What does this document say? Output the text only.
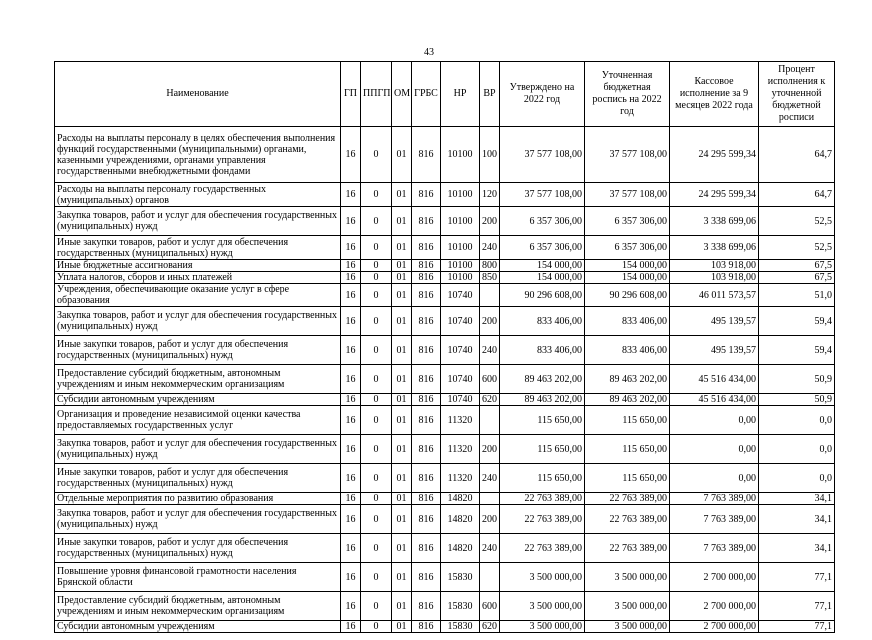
43
Наименование	ГП	ППГП	ОМ	ГРБС	НР	ВР	Утверждено на 2022 год	Уточненная бюджетная роспись на 2022 год	Кассовое исполнение за 9 месяцев 2022 года	Процент исполнения к уточненной бюджетной росписи
Расходы на выплаты персоналу в целях обеспечения выполнения функций государственными (муниципальными) органами, казенными учреждениями, органами управления государственными внебюджетными фондами	16	0	01	816	10100	100	37 577 108,00	37 577 108,00	24 295 599,34	64,7
Расходы на выплаты персоналу государственных (муниципальных) органов	16	0	01	816	10100	120	37 577 108,00	37 577 108,00	24 295 599,34	64,7
Закупка товаров, работ и услуг для обеспечения государственных (муниципальных) нужд	16	0	01	816	10100	200	6 357 306,00	6 357 306,00	3 338 699,06	52,5
Иные закупки товаров, работ и услуг для обеспечения государственных (муниципальных) нужд	16	0	01	816	10100	240	6 357 306,00	6 357 306,00	3 338 699,06	52,5
Иные бюджетные ассигнования	16	0	01	816	10100	800	154 000,00	154 000,00	103 918,00	67,5
Уплата налогов, сборов и иных платежей	16	0	01	816	10100	850	154 000,00	154 000,00	103 918,00	67,5
Учреждения, обеспечивающие оказание услуг в сфере образования	16	0	01	816	10740		90 296 608,00	90 296 608,00	46 011 573,57	51,0
Закупка товаров, работ и услуг для обеспечения государственных (муниципальных) нужд	16	0	01	816	10740	200	833 406,00	833 406,00	495 139,57	59,4
Иные закупки товаров, работ и услуг для обеспечения государственных (муниципальных) нужд	16	0	01	816	10740	240	833 406,00	833 406,00	495 139,57	59,4
Предоставление субсидий бюджетным, автономным учреждениям и иным некоммерческим организациям	16	0	01	816	10740	600	89 463 202,00	89 463 202,00	45 516 434,00	50,9
Субсидии автономным учреждениям	16	0	01	816	10740	620	89 463 202,00	89 463 202,00	45 516 434,00	50,9
Организация и проведение независимой оценки качества предоставляемых государственных услуг	16	0	01	816	11320		115 650,00	115 650,00	0,00	0,0
Закупка товаров, работ и услуг для обеспечения государственных (муниципальных) нужд	16	0	01	816	11320	200	115 650,00	115 650,00	0,00	0,0
Иные закупки товаров, работ и услуг для обеспечения государственных (муниципальных) нужд	16	0	01	816	11320	240	115 650,00	115 650,00	0,00	0,0
Отдельные мероприятия по развитию образования	16	0	01	816	14820		22 763 389,00	22 763 389,00	7 763 389,00	34,1
Закупка товаров, работ и услуг для обеспечения государственных (муниципальных) нужд	16	0	01	816	14820	200	22 763 389,00	22 763 389,00	7 763 389,00	34,1
Иные закупки товаров, работ и услуг для обеспечения государственных (муниципальных) нужд	16	0	01	816	14820	240	22 763 389,00	22 763 389,00	7 763 389,00	34,1
Повышение уровня финансовой грамотности населения Брянской области	16	0	01	816	15830		3 500 000,00	3 500 000,00	2 700 000,00	77,1
Предоставление субсидий бюджетным, автономным учреждениям и иным некоммерческим организациям	16	0	01	816	15830	600	3 500 000,00	3 500 000,00	2 700 000,00	77,1
Субсидии автономным учреждениям	16	0	01	816	15830	620	3 500 000,00	3 500 000,00	2 700 000,00	77,1
